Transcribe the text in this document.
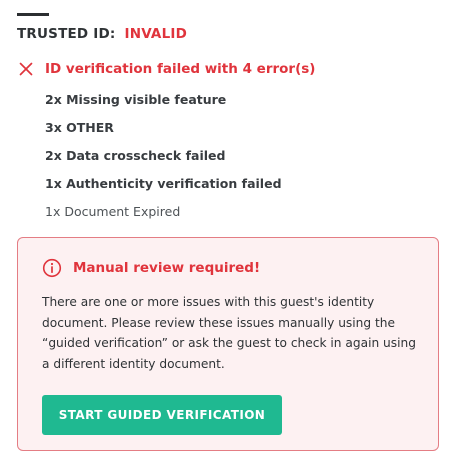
TRUSTED ID: INVALID
ID verification failed with 4 error(s)
2x Missing visible feature
3x OTHER
2x Data crosscheck failed
1x Authenticity verification failed
1x Document Expired
Manual review required!

There are one or more issues with this guest's identity document. Please review these issues manually using the “guided verification” or ask the guest to check in again using a different identity document.

START GUIDED VERIFICATION
